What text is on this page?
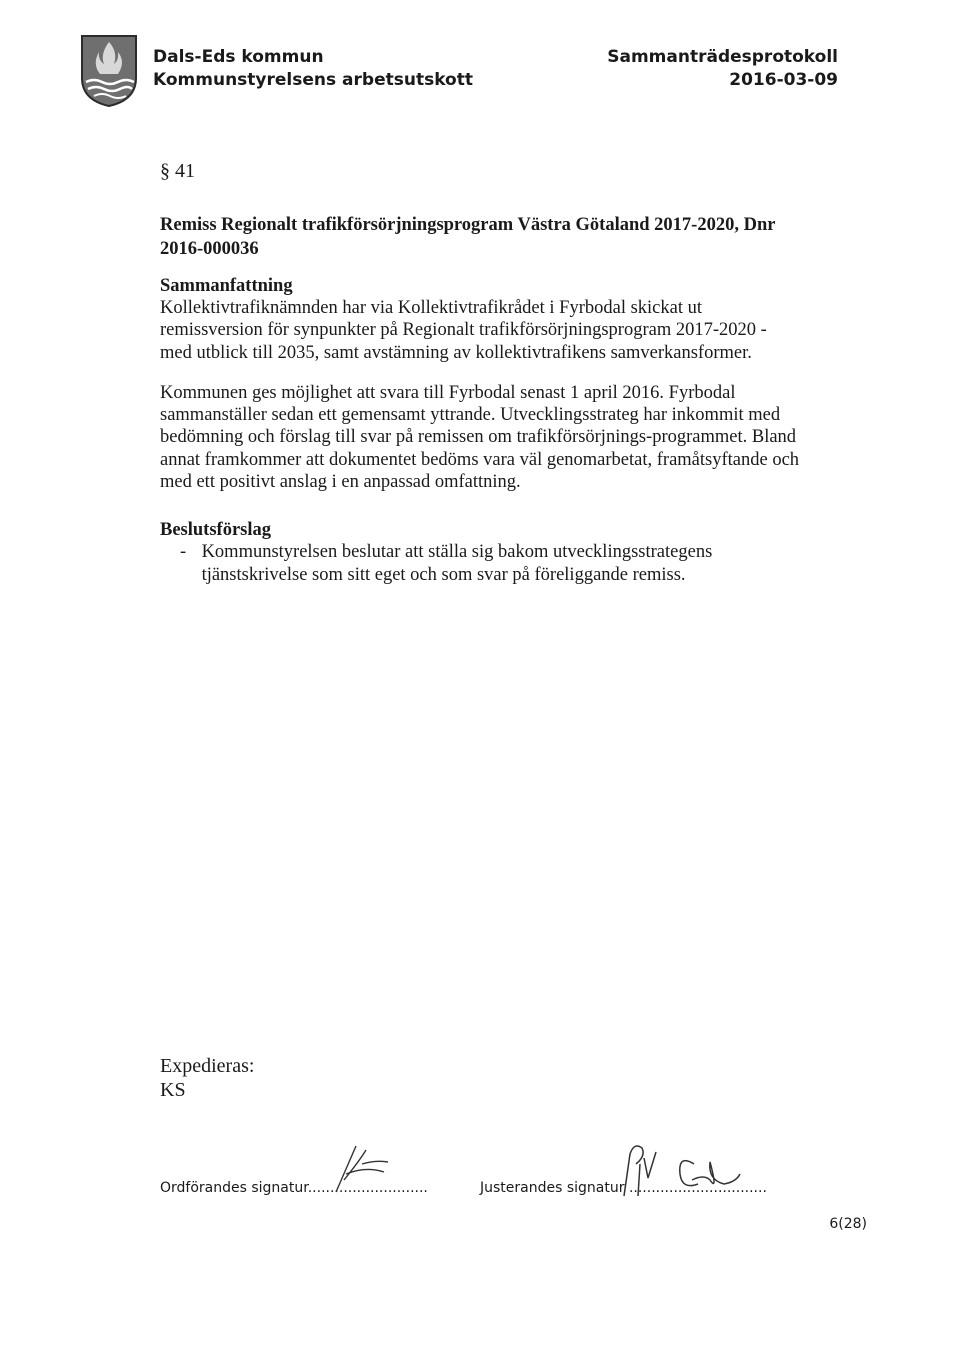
Dals-Eds kommun
Kommunstyrelsens arbetsutskott
Sammanträdesprotokoll
2016-03-09
§ 41
Remiss Regionalt trafikförsörjningsprogram Västra Götaland 2017-2020, Dnr 2016-000036
Sammanfattning

Kollektivtrafiknämnden har via Kollektivtrafikrådet i Fyrbodal skickat ut remissversion för synpunkter på Regionalt trafikförsörjningsprogram 2017-2020 - med utblick till 2035, samt avstämning av kollektivtrafikens samverkansformer.

Kommunen ges möjlighet att svara till Fyrbodal senast 1 april 2016. Fyrbodal sammanställer sedan ett gemensamt yttrande. Utvecklingsstrateg har inkommit med bedömning och förslag till svar på remissen om trafikförsörjnings-programmet. Bland annat framkommer att dokumentet bedöms vara väl genomarbetat, framåtsyftande och med ett positivt anslag i en anpassad omfattning.

Beslutsförslag
- Kommunstyrelsen beslutar att ställa sig bakom utvecklingsstrategens tjänstskrivelse som sitt eget och som svar på föreliggande remiss.
Expedieras:
KS
Ordförandes signatur...........................	Justerandes signatur ...............................
6(28)
